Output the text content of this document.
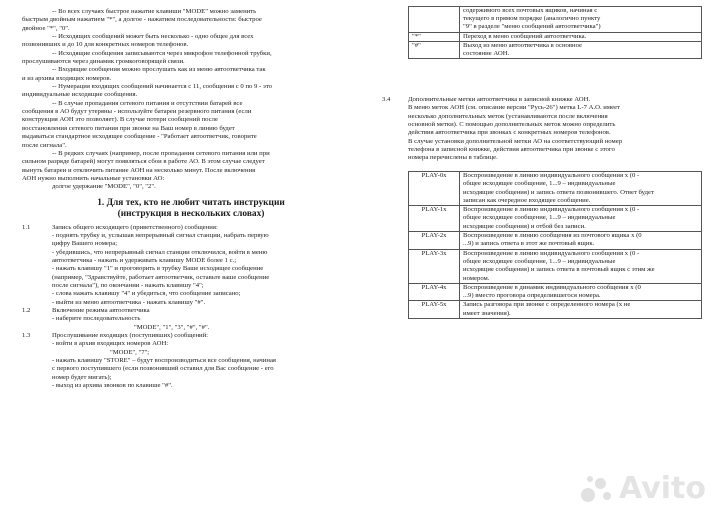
-- Во всех случаях быстрое нажатие клавиши "MODE" можно заменить
быстрым двойным нажатием "*", а долгое - нажатием последовательности: быстрое
двойное "*", "0".
-- Исходящих сообщений может быть несколько - одно общее для всех
позвонивших и до 10 для конкретных номеров телефонов.
-- Исходящие сообщения записываются через микрофон телефонной трубки,
прослушиваются через динамик громкоговорящей связи.
-- Входящие сообщения можно прослушать как из меню автоответчика так
и из архива входящих номеров.
-- Нумерация входящих сообщений начинается с 11, сообщения с 0 по 9 - это
индивидуальные исходящие сообщения.
-- В случае пропадания сетевого питания и отсутствии батарей все
сообщения в АО будут утеряны - используйте батареи резервного питания (если
конструкция АОН это позволяет). В случае потери сообщений после
восстановления сетевого питания при звонке на Ваш номер в линию будет
выдаваться стандартное исходящее сообщение - "Работает автоответчик, говорите
после сигнала".
-- В редких случаях (например, после пропадания сетевого питания или при
сильном разряде батарей) могут появляться сбои в работе АО. В этом случае следует
вынуть батареи и отключить питание АОН на несколько минут. После включения
АОН нужно выполнить начальные установки АО:
долгое удержание "MODE", "0", "2".
1. Для тех, кто не любит читать инструкции
(инструкция в нескольких словах)
1.1	Запись общего исходящего (приветственного) сообщения:
- поднять трубку и, услышав непрерывный сигнал станции, набрать первую
цифру Вашего номера;
- убедившись, что непрерывный сигнал станции отключился, войти в меню
автоответчика - нажать и удерживать клавишу MODE более 1 с.;
- нажать клавишу "1" и проговорить в трубку Ваше исходящее сообщение
(например, "Здравствуйте, работает автоответчик, оставьте ваше сообщение
после сигнала"), по окончании - нажать клавишу "4";
- слова нажать клавишу "4" и убедиться, что сообщение записано;
- выйти из меню автоответчика - нажать клавишу "#".
1.2	Включение режима автоответчика
- наберите последовательность
"MODE", "1", "3", "#", "#".
1.3	Прослушивание входящих (поступивших) сообщений:
- войти в архив входящих номеров АОН:
"MODE", "7";
- нажать клавишу "STORE" – будут воспроизводиться все сообщения, начиная
с первого поступившего (если позвонивший оставил для Вас сообщение - его
номер будет мигать);
- выход из архива звонков по клавише "#".

	содержимого всех почтовых ящиков, начиная с
текущего в прямом порядке (аналогично пункту
"9" в разделе "меню сообщений автоответчика")

"*"	Переход в меню сообщений автоответчика.

"#"	Выход из меню автоответчика в основное
состояние АОН.
3.4	Дополнительные метки автоответчика в записной книжке АОН.
В меню меток АОН (см. описание версии "Русь-26") метка L-7 А.О. имеет
несколько дополнительных меток (устанавливаются после включения
основной метки). С помощью дополнительных меток можно определить
действия автоответчика при звонках с конкретных номеров телефонов.
В случае установки дополнительной метки АО на соответствующий номер
телефона в записной книжке, действия автоответчика при звонке с этого
номера перечислены в таблице.
PLAY-0x	Воспроизведение в линию индивидуального сообщения x (0 -
общее исходящее сообщение, 1...9 – индивидуальные
исходящие сообщения) и запись ответа позвонившего. Ответ будет
записан как очередное входящее сообщение.

PLAY-1x	Воспроизведение в линию индивидуального сообщения x (0 -
общее исходящее сообщение, 1...9 – индивидуальные
исходящие сообщения) и отбой без записи.

PLAY-2x	Воспроизведение в линию сообщения из почтового ящика x (0
...9) и запись ответа в этот же почтовый ящик.

PLAY-3x	Воспроизведение в линию индивидуального сообщения x (0 -
общее исходящее сообщение, 1...9 – индивидуальные
исходящие сообщения) и запись ответа в почтовый ящик с этим же
номером.

PLAY-4x	Воспроизведение в динамик индивидуального сообщения x (0
...9) вместо проговора определившегося номера.

PLAY-5x	Запись разговора при звонке с определенного номера (x не
имеет значения).
Avito
